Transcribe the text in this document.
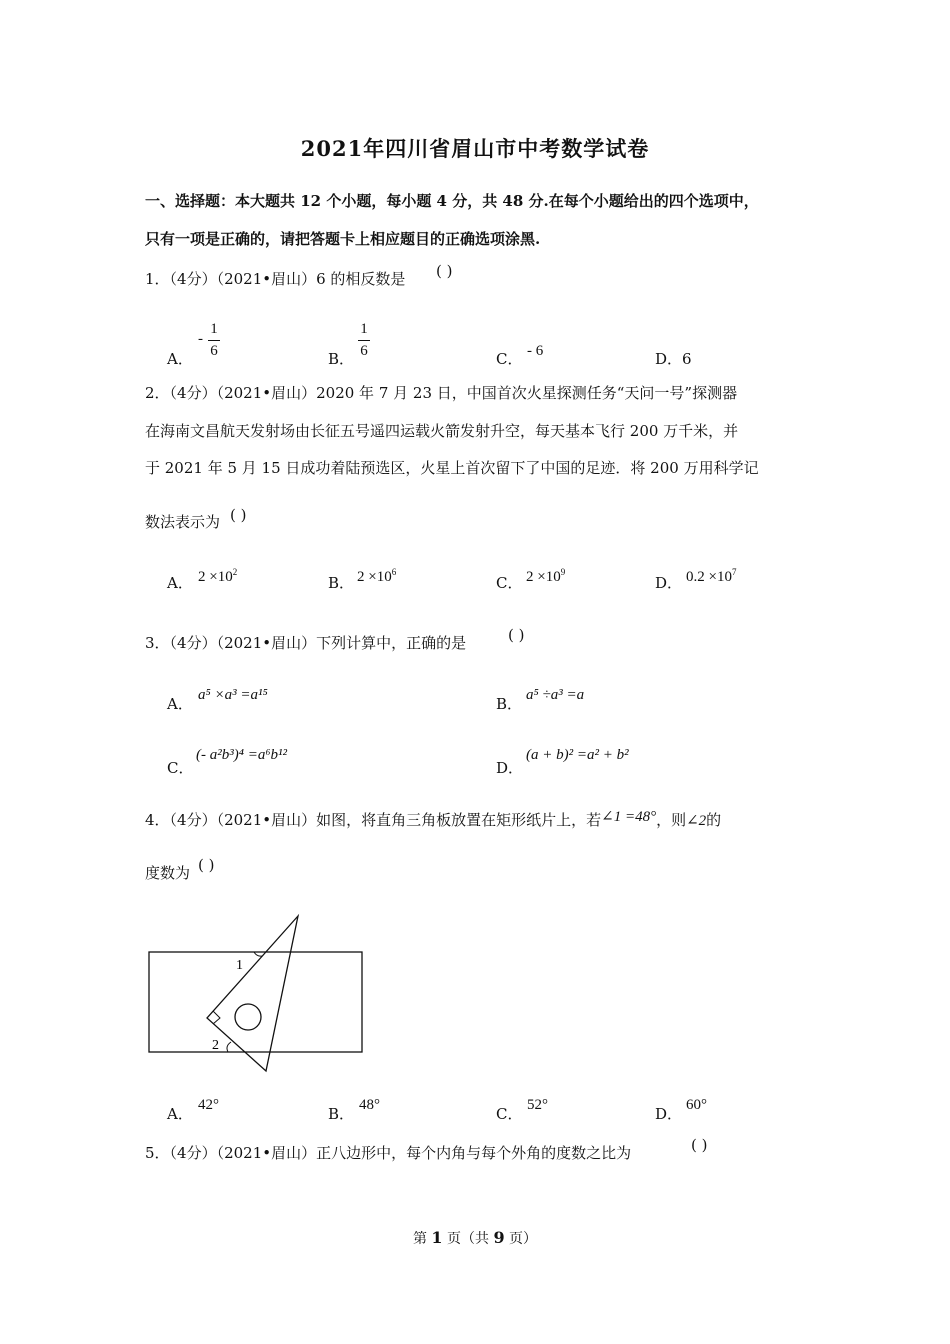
2021年四川省眉山市中考数学试卷
一、选择题：本大题共 12 个小题，每小题 4 分，共 48 分.在每个小题给出的四个选项中，
只有一项是正确的，请把答题卡上相应题目的正确选项涂黑.
1．（4分）（2021•眉山）6 的相反数是 ( )
A．
-
1
6	B．
1
6	C． - 6	D．6
2．（4分）（2021•眉山）2020 年 7 月 23 日，中国首次火星探测任务“天问一号”探测器
在海南文昌航天发射场由长征五号遥四运载火箭发射升空，每天基本飞行 200 万千米，并
于 2021 年 5 月 15 日成功着陆预选区，火星上首次留下了中国的足迹．将 200 万用科学记
数法表示为 ( )
A． $2 \times 10^2$
B． $2 \times 10^6$
C． $2 \times 10^9$
D． $0.2 \times 10^7$
3．（4分）（2021•眉山）下列计算中，正确的是	( )
A． a⁵ ×a³ =a¹⁵	B． a⁵ ÷a³ =a
C．
(- a²b³)⁴ =a⁶b¹²
D．
(a + b)² =a² + b²
4．（4分）（2021•眉山）如图，将直角三角板放置在矩形纸片上，若∠1 =48°，则∠2的
度数为 ( )
1
2
A． 42°	B． 48°	C． 52°	D． 60°
5．（4分）（2021•眉山）正八边形中，每个内角与每个外角的度数之比为	( )
第 1 页（共 9 页）
